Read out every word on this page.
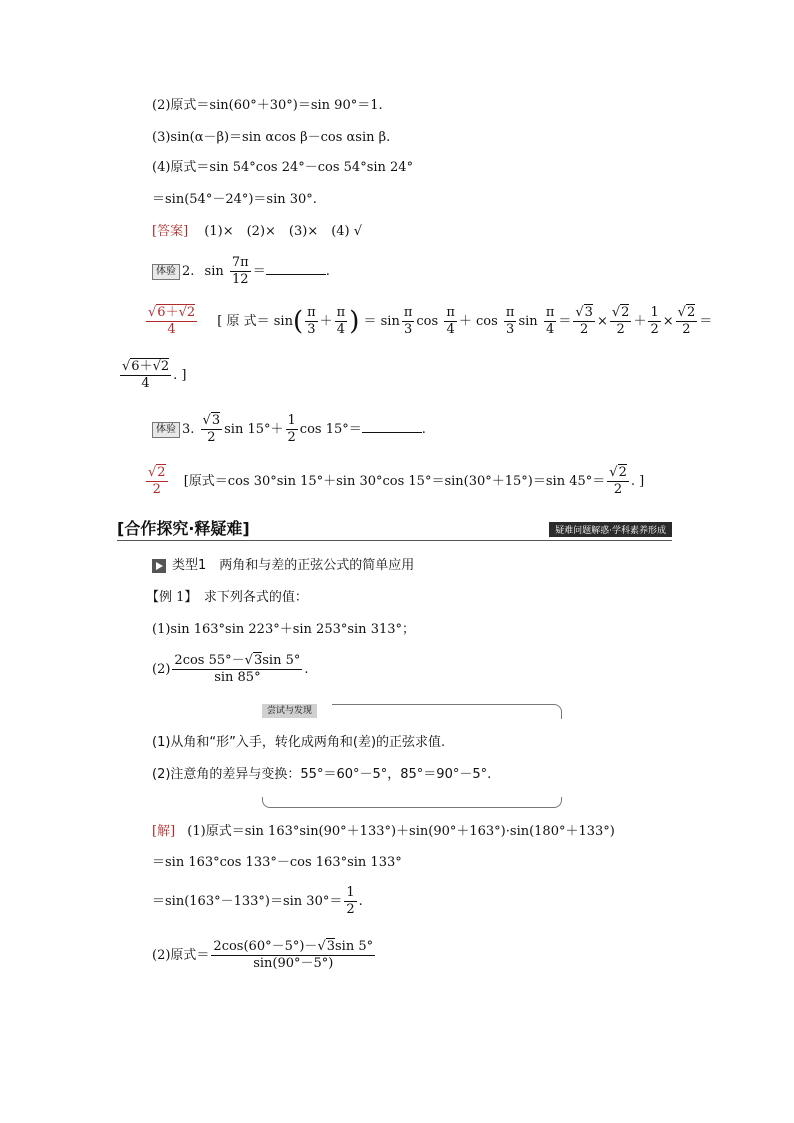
(2)原式＝sin(60°＋30°)＝sin 90°＝1.
(3)sin(α－β)＝sin αcos β－cos αsin β.
(4)原式＝sin 54°cos 24°－cos 54°sin 24°
＝sin(54°－24°)＝sin 30°.
[答案] (1)×　(2)×　(3)×　(4) √
体验 2. $\sin \frac{7\pi}{12}$ ＝	.
$\frac{√6+√2}{4}$ [ 原 式＝ $\sin( \frac{\pi}{3} + \frac{\pi}{4}$ ) ＝ $\sin \frac{\pi}{3}$ $\cos \frac{\pi}{4} + \cos \frac{\pi}{3}$ $\sin \frac{\pi}{4} = \frac{√3}{2} \times \frac{√2}{2} + \frac{1}{2} \times \frac{√2}{2}$ ＝
$\frac{√6+√2}{4}$ . ]
体验 3. $\frac{√3}{2}$ $\sin 15^\circ+ \frac{1}{2}$ cos 15°＝	.
$\frac{√2}{2}$ [原式＝cos 30°sin 15°＋sin 30°cos 15°＝sin(30°＋15°)＝sin $45^\circ= \frac{√2}{2}$ . ]
[合作探究·释疑难]	疑难问题解惑·学科素养形成
类型1　两角和与差的正弦公式的简单应用
【例 1】　求下列各式的值：
(1)sin 163°sin 223°＋sin 253°sin 313°；
$(2) \frac{2\cos 55^\circ-√3\sin 5^\circ}{\sin 85^\circ}$ .
尝试与发现
(1)从角和“形”入手，转化成两角和(差)的正弦求值.
(2)注意角的差异与变换：55°＝60°－5°，85°＝90°－5°.
[解] (1)原式＝sin 163°sin(90°＋133°)＋sin(90°＋163°)·sin(180°＋133°)
＝sin 163°cos 133°－cos 163°sin 133°
＝sin(163°－133°)＝sin $30^\circ= \frac{1}{2}$ .
(2)原式＝ $\frac{2\cos(60^\circ-5^\circ)-√3\sin 5^\circ}{\sin(90^\circ-5^\circ)}$
